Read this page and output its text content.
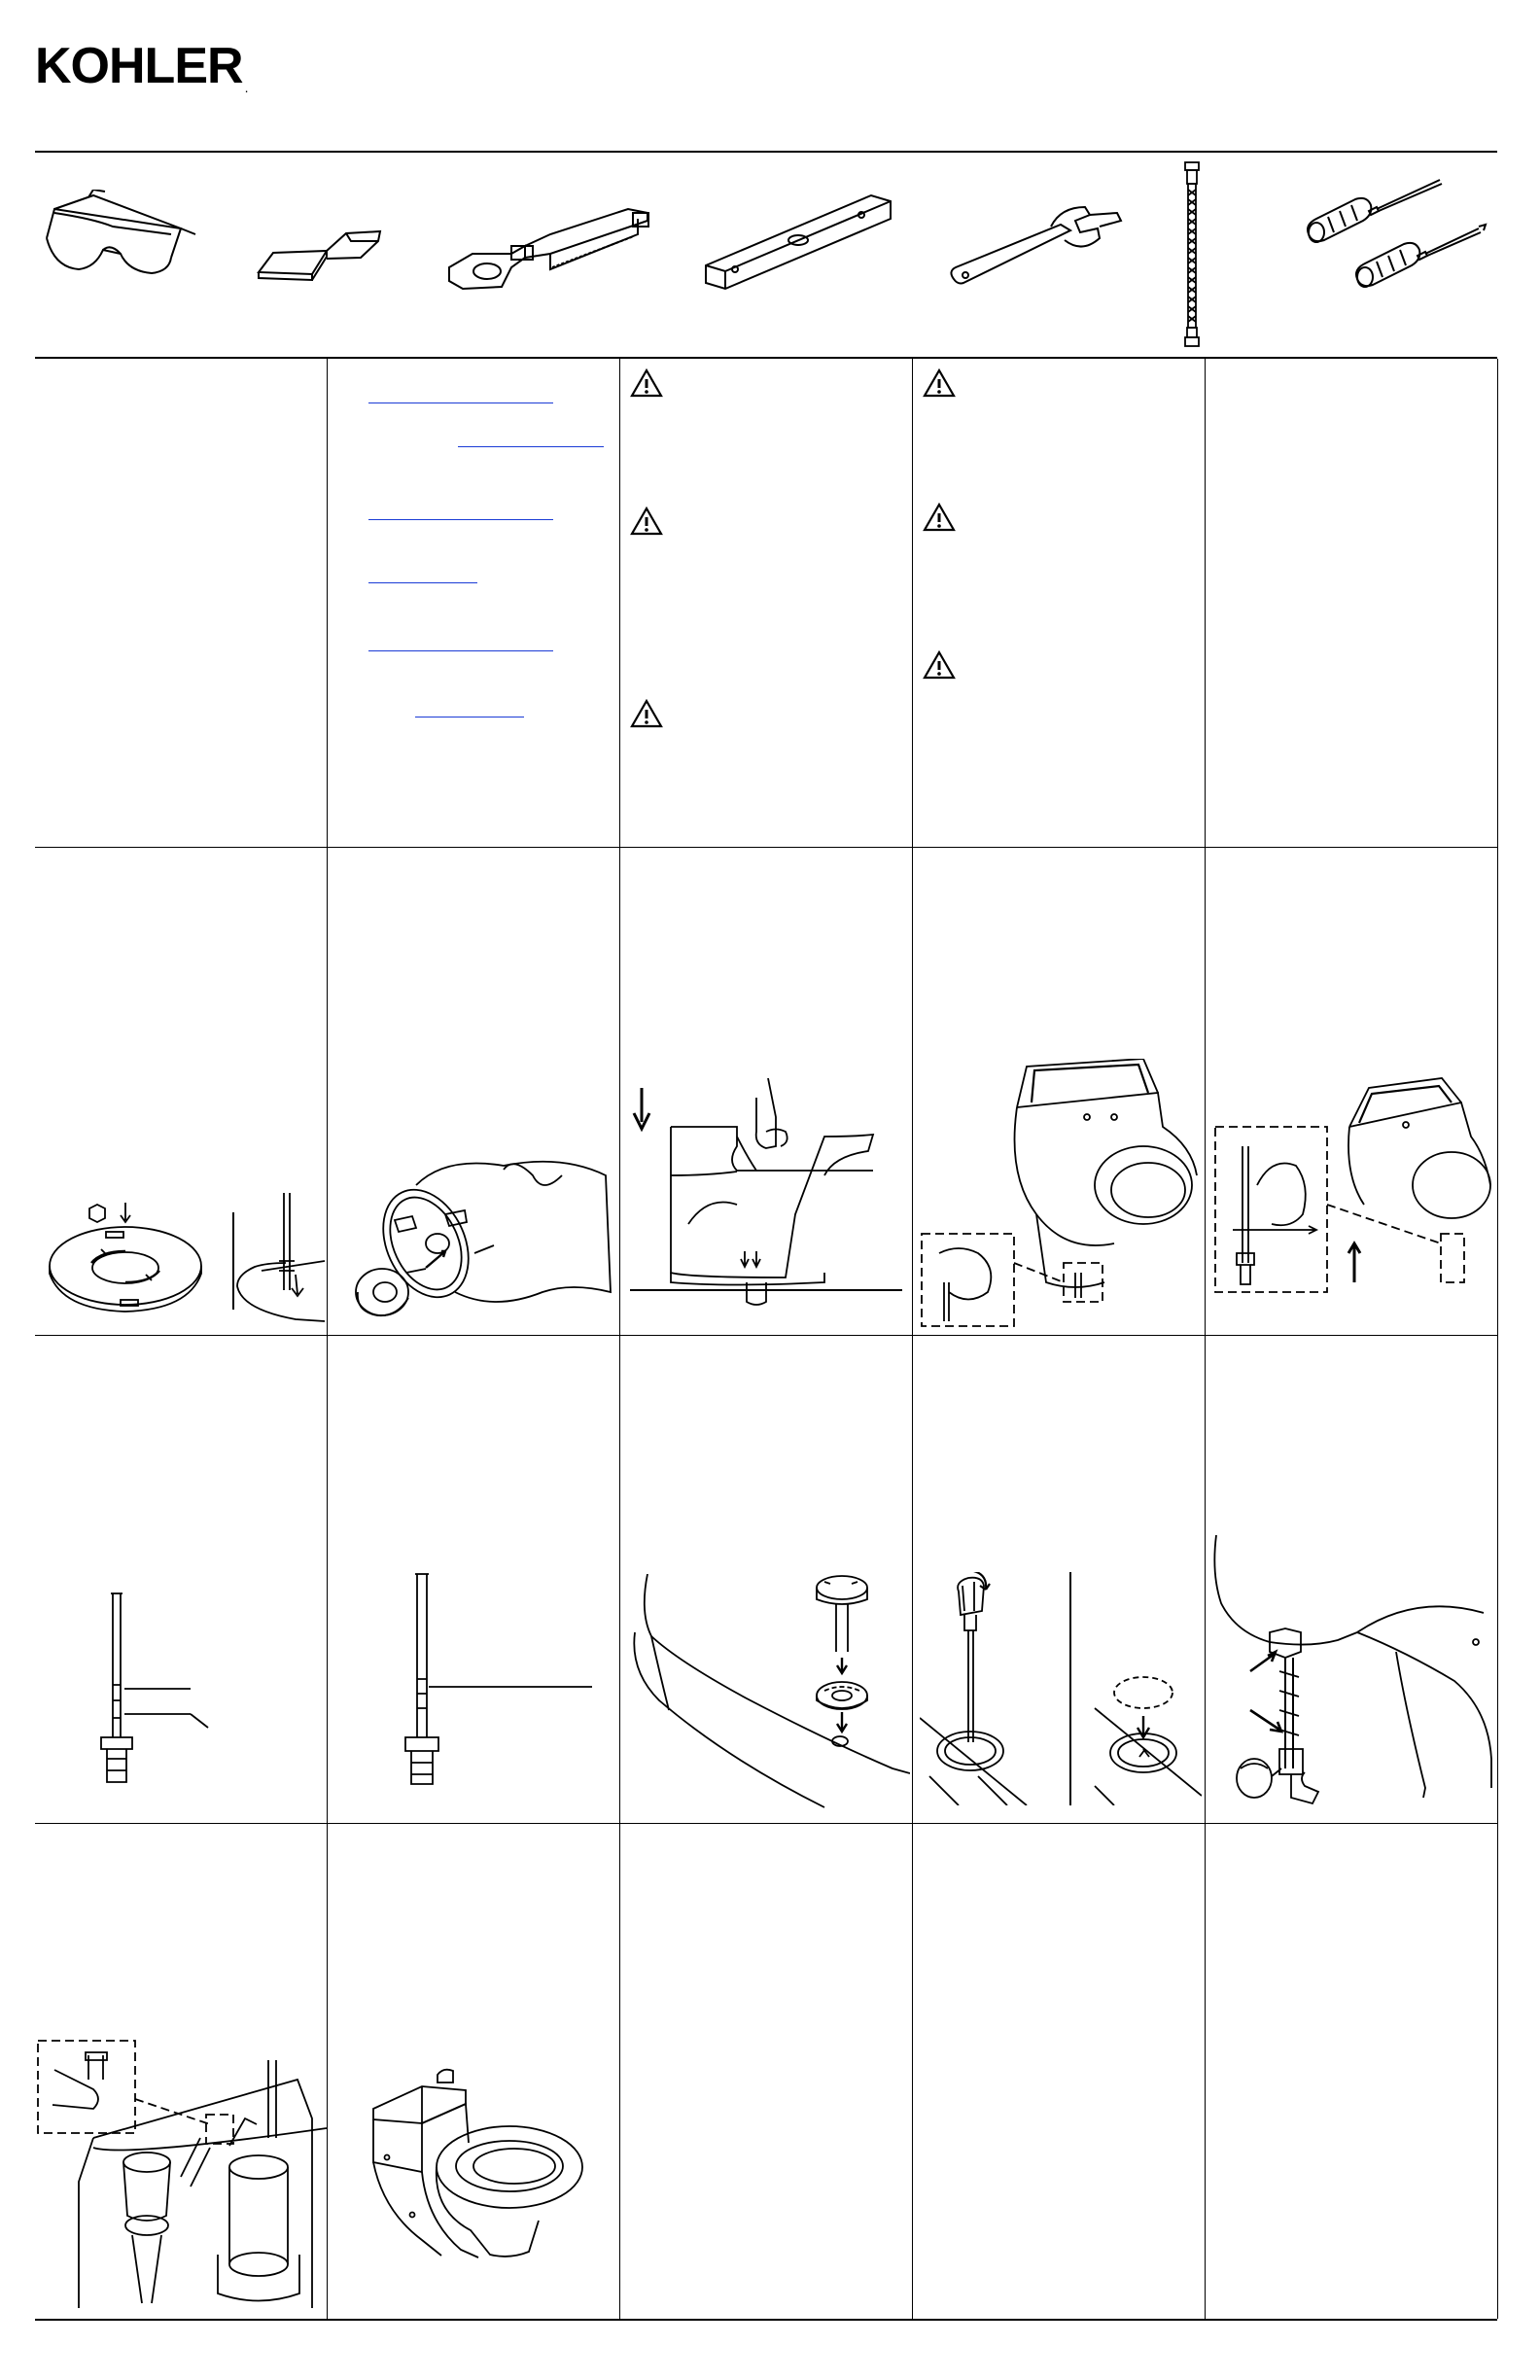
KOHLER .
